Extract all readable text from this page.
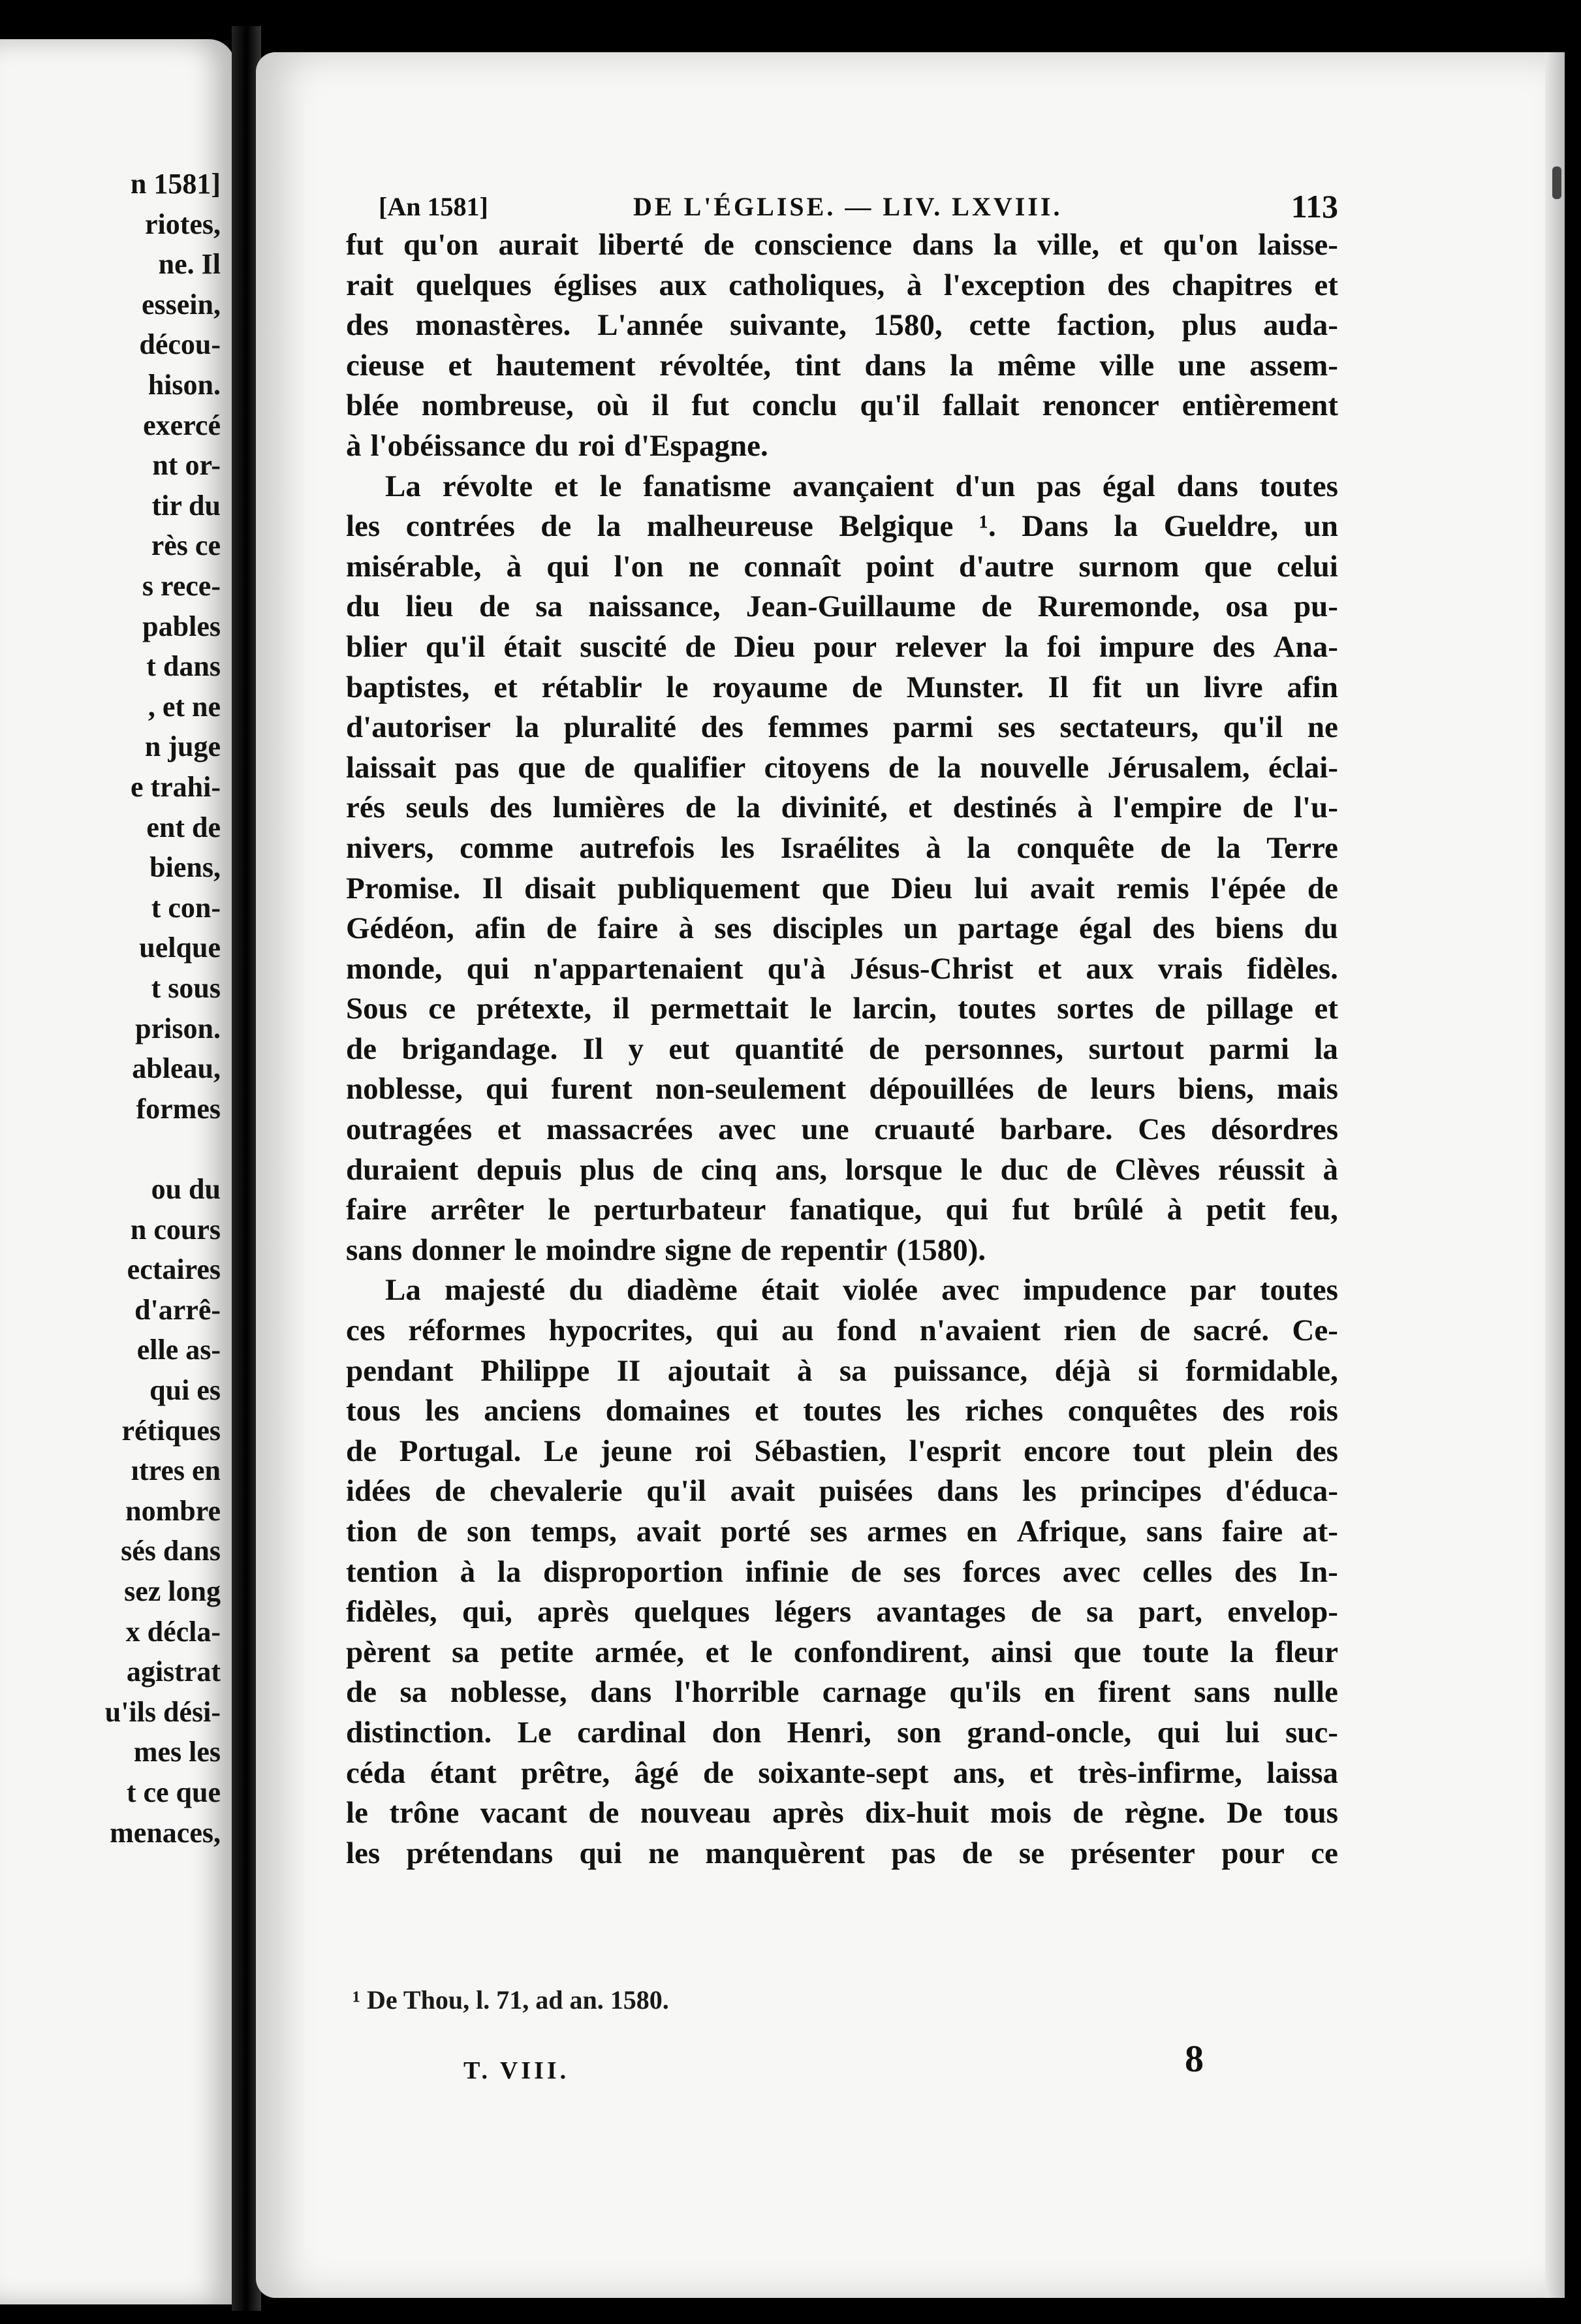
n 1581]
riotes,
ne. Il
essein,
décou-
hison.
exercé
nt or-
tir du
rès ce
s rece-
pables
t dans
, et ne
n juge
e trahi-
ent de
biens,
t con-
uelque
t sous
prison.
ableau,
formes
ou du
n cours
ectaires
d'arrê-
elle as-
qui es
rétiques
ıtres en
nombre
sés dans
sez long
x décla-
agistrat
u'ils dési-
mes les
t ce que
menaces,
[An 1581]	DE L'ÉGLISE. — LIV. LXVIII.	113
fut qu'on aurait liberté de conscience dans la ville, et qu'on laisse-
rait quelques églises aux catholiques, à l'exception des chapitres et
des monastères. L'année suivante, 1580, cette faction, plus auda-
cieuse et hautement révoltée, tint dans la même ville une assem-
blée nombreuse, où il fut conclu qu'il fallait renoncer entièrement
à l'obéissance du roi d'Espagne.
La révolte et le fanatisme avançaient d'un pas égal dans toutes
les contrées de la malheureuse Belgique ¹. Dans la Gueldre, un
misérable, à qui l'on ne connaît point d'autre surnom que celui
du lieu de sa naissance, Jean-Guillaume de Ruremonde, osa pu-
blier qu'il était suscité de Dieu pour relever la foi impure des Ana-
baptistes, et rétablir le royaume de Munster. Il fit un livre afin
d'autoriser la pluralité des femmes parmi ses sectateurs, qu'il ne
laissait pas que de qualifier citoyens de la nouvelle Jérusalem, éclai-
rés seuls des lumières de la divinité, et destinés à l'empire de l'u-
nivers, comme autrefois les Israélites à la conquête de la Terre
Promise. Il disait publiquement que Dieu lui avait remis l'épée de
Gédéon, afin de faire à ses disciples un partage égal des biens du
monde, qui n'appartenaient qu'à Jésus-Christ et aux vrais fidèles.
Sous ce prétexte, il permettait le larcin, toutes sortes de pillage et
de brigandage. Il y eut quantité de personnes, surtout parmi la
noblesse, qui furent non-seulement dépouillées de leurs biens, mais
outragées et massacrées avec une cruauté barbare. Ces désordres
duraient depuis plus de cinq ans, lorsque le duc de Clèves réussit à
faire arrêter le perturbateur fanatique, qui fut brûlé à petit feu,
sans donner le moindre signe de repentir (1580).
La majesté du diadème était violée avec impudence par toutes
ces réformes hypocrites, qui au fond n'avaient rien de sacré. Ce-
pendant Philippe II ajoutait à sa puissance, déjà si formidable,
tous les anciens domaines et toutes les riches conquêtes des rois
de Portugal. Le jeune roi Sébastien, l'esprit encore tout plein des
idées de chevalerie qu'il avait puisées dans les principes d'éduca-
tion de son temps, avait porté ses armes en Afrique, sans faire at-
tention à la disproportion infinie de ses forces avec celles des In-
fidèles, qui, après quelques légers avantages de sa part, envelop-
pèrent sa petite armée, et le confondirent, ainsi que toute la fleur
de sa noblesse, dans l'horrible carnage qu'ils en firent sans nulle
distinction. Le cardinal don Henri, son grand-oncle, qui lui suc-
céda étant prêtre, âgé de soixante-sept ans, et très-infirme, laissa
le trône vacant de nouveau après dix-huit mois de règne. De tous
les prétendans qui ne manquèrent pas de se présenter pour ce
¹ De Thou, l. 71, ad an. 1580.
T. VIII.	8
